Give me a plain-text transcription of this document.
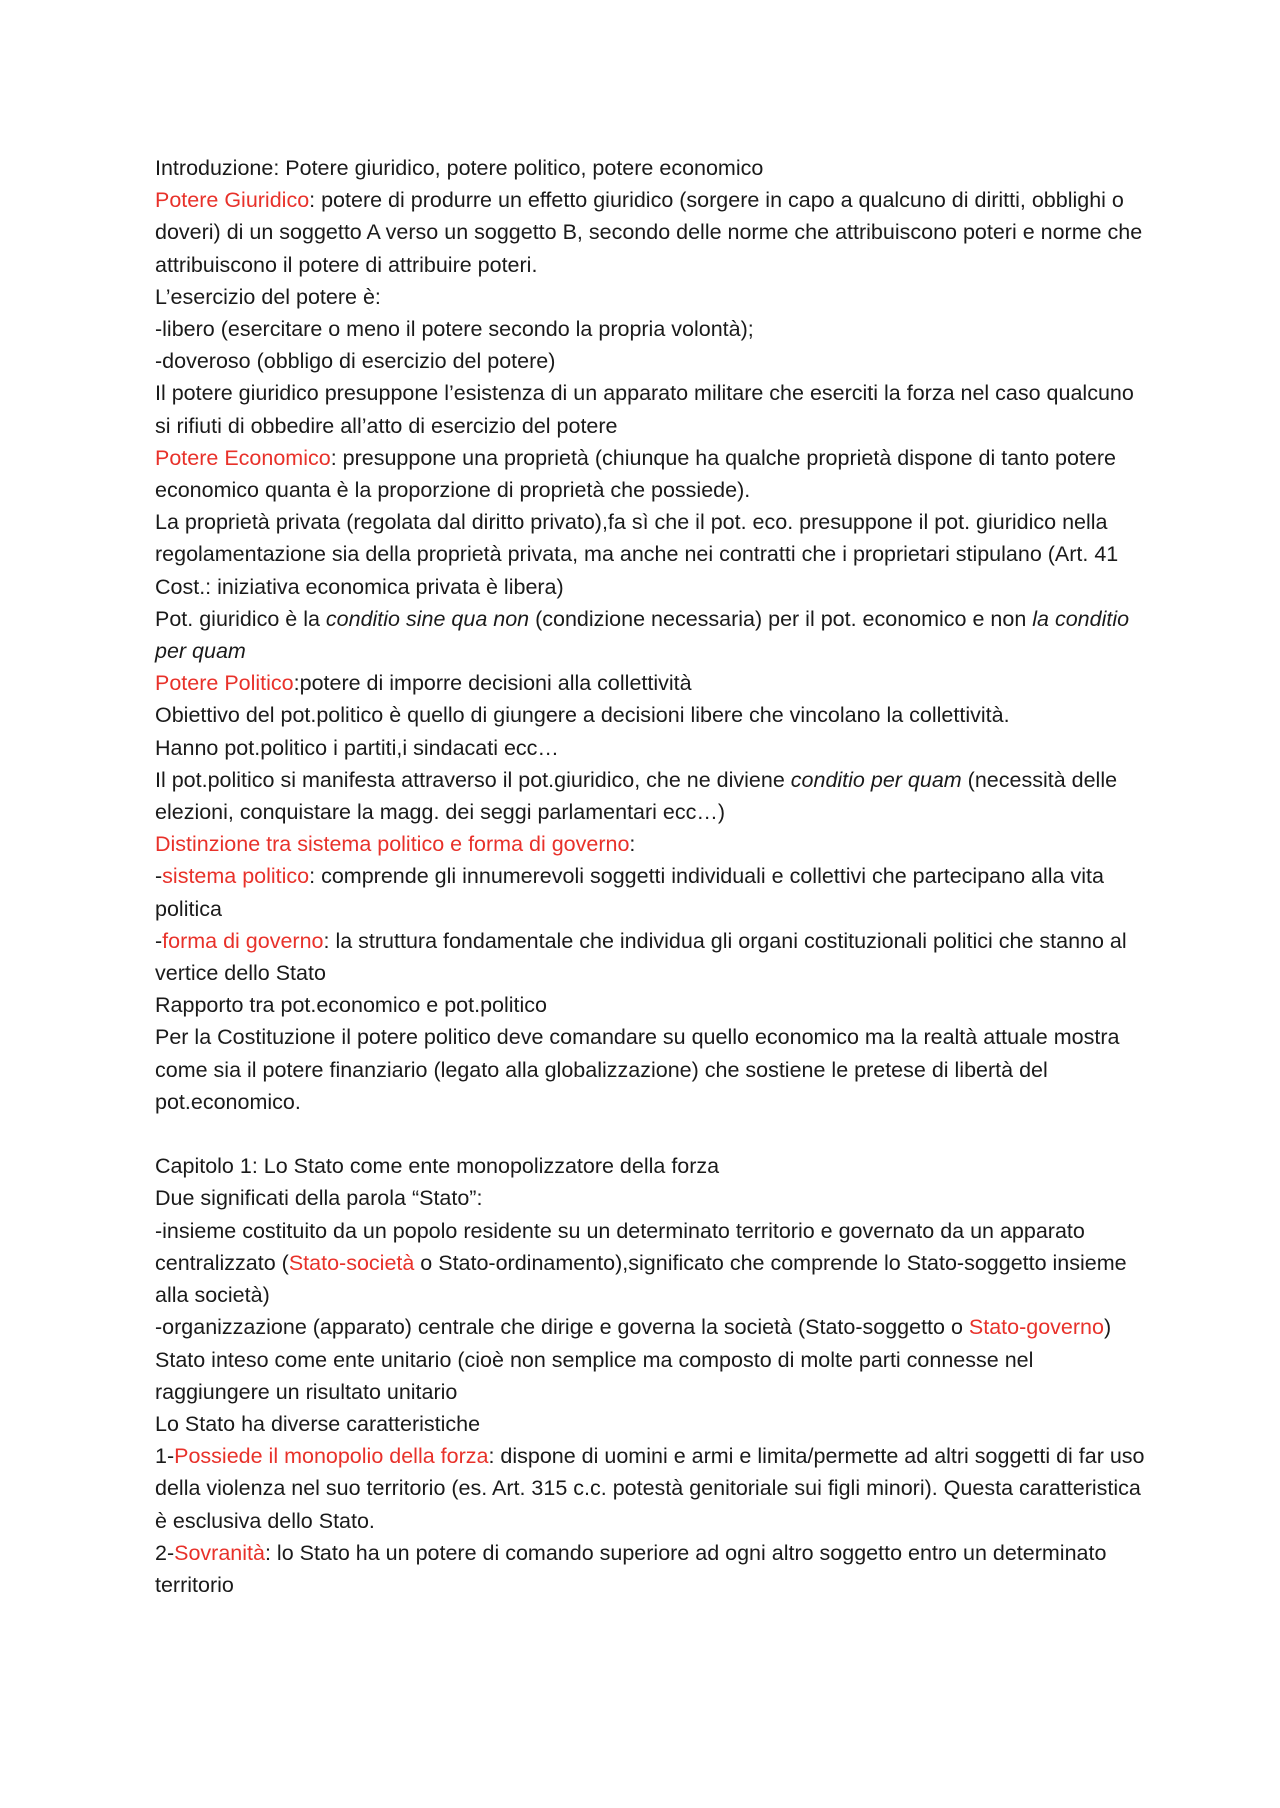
Introduzione: Potere giuridico, potere politico, potere economico

Potere Giuridico: potere di produrre un effetto giuridico (sorgere in capo a qualcuno di diritti, obblighi o doveri) di un soggetto A verso un soggetto B, secondo delle norme che attribuiscono poteri e norme che attribuiscono il potere di attribuire poteri.

L’esercizio del potere è:

-libero (esercitare o meno il potere secondo la propria volontà);

-doveroso (obbligo di esercizio del potere)

Il potere giuridico presuppone l’esistenza di un apparato militare che eserciti la forza nel caso qualcuno si rifiuti di obbedire all’atto di esercizio del potere

Potere Economico: presuppone una proprietà (chiunque ha qualche proprietà dispone di tanto potere economico quanta è la proporzione di proprietà che possiede).

La proprietà privata (regolata dal diritto privato),fa sì che il pot. eco. presuppone il pot. giuridico nella regolamentazione sia della proprietà privata, ma anche nei contratti che i proprietari stipulano (Art. 41 Cost.: iniziativa economica privata è libera)

Pot. giuridico è la conditio sine qua non (condizione necessaria) per il pot. economico e non la conditio per quam

Potere Politico:potere di imporre decisioni alla collettività

Obiettivo del pot.politico è quello di giungere a decisioni libere che vincolano la collettività.

Hanno pot.politico i partiti,i sindacati ecc…

Il pot.politico si manifesta attraverso il pot.giuridico, che ne diviene conditio per quam (necessità delle elezioni, conquistare la magg. dei seggi parlamentari ecc…)

Distinzione tra sistema politico e forma di governo:

-sistema politico: comprende gli innumerevoli soggetti individuali e collettivi che partecipano alla vita politica

-forma di governo: la struttura fondamentale che individua gli organi costituzionali politici che stanno al vertice dello Stato

Rapporto tra pot.economico e pot.politico

Per la Costituzione il potere politico deve comandare su quello economico ma la realtà attuale mostra come sia il potere finanziario (legato alla globalizzazione) che sostiene le pretese di libertà del pot.economico.

Capitolo 1: Lo Stato come ente monopolizzatore della forza

Due significati della parola “Stato”:

-insieme costituito da un popolo residente su un determinato territorio e governato da un apparato centralizzato (Stato-società o Stato-ordinamento),significato che comprende lo Stato-soggetto insieme alla società)

-organizzazione (apparato) centrale che dirige e governa la società (Stato-soggetto o Stato-governo)

Stato inteso come ente unitario (cioè non semplice ma composto di molte parti connesse nel raggiungere un risultato unitario

Lo Stato ha diverse caratteristiche

1-Possiede il monopolio della forza: dispone di uomini e armi e limita/permette ad altri soggetti di far uso della violenza nel suo territorio (es. Art. 315 c.c. potestà genitoriale sui figli minori). Questa caratteristica è esclusiva dello Stato.

2-Sovranità: lo Stato ha un potere di comando superiore ad ogni altro soggetto entro un determinato territorio
